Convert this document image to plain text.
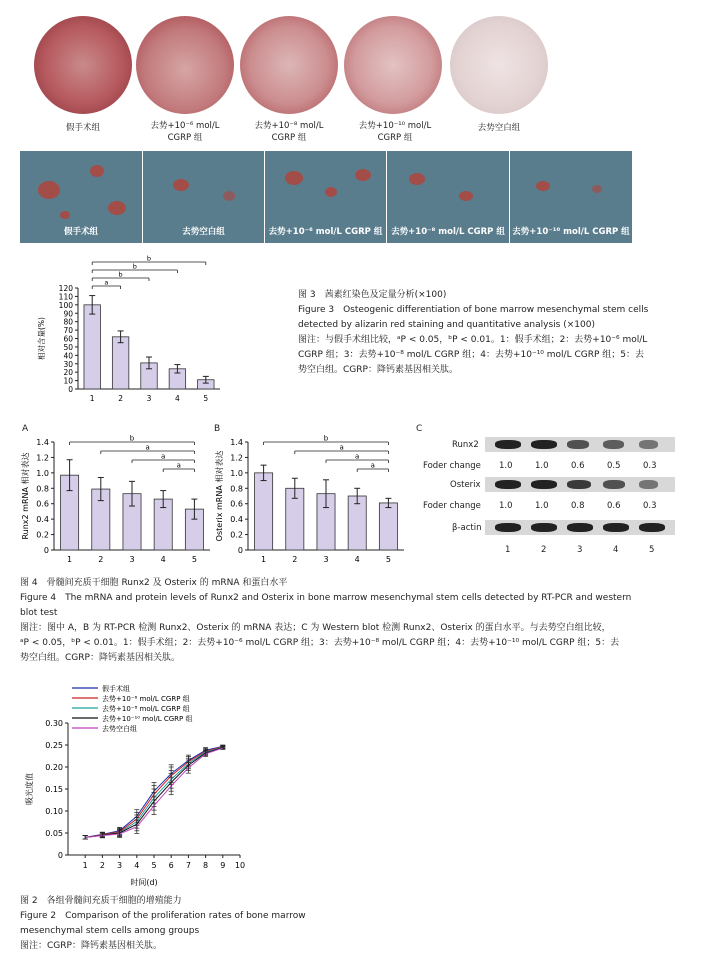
假手术组	去势+10⁻⁶ mol/L
CGRP 组
去势+10⁻⁸ mol/L
CGRP 组
去势+10⁻¹⁰ mol/L
CGRP 组
去势空白组
假手术组	去势空白组	去势+10⁻⁶ mol/L CGRP 组	去势+10⁻⁸ mol/L CGRP 组 去势+10⁻¹⁰ mol/L CGRP 组
0
10
20
30
40
50
60
70
80
90
100
110
120
相对含量(%)
1	2	3	4	5
a
b
b
b
图 3　茜素红染色及定量分析(×100)
Figure 3　Osteogenic differentiation of bone marrow mesenchymal stem cells
detected by alizarin red staining and quantitative analysis (×100)
图注：与假手术组比较，ᵃP < 0.05，ᵇP < 0.01。1：假手术组；2：去势+10⁻⁶ mol/L
CGRP 组；3：去势+10⁻⁸ mol/L CGRP 组；4：去势+10⁻¹⁰ mol/L CGRP 组；5：去
势空白组。CGRP：降钙素基因相关肽。
A	B	C
0
0.2
0.4
0.6
0.8
1.0
1.2
1.4
Runx2 mRNA 相对表达
1	2	3	4	5
b
a
a
a
0
0.2
0.4
0.6
0.8
1.0
1.2
1.4
Osterix mRNA 相对表达
1	2	3	4	5
b
a
a
a
Runx2
Foder change
Osterix
Foder change
β-actin
图 4　骨髓间充质干细胞 Runx2 及 Osterix 的 mRNA 和蛋白水平
Figure 4　The mRNA and protein levels of Runx2 and Osterix in bone marrow mesenchymal stem cells detected by RT-PCR and western
blot test
图注：图中 A，B 为 RT-PCR 检测 Runx2、Osterix 的 mRNA 表达；C 为 Western blot 检测 Runx2、Osterix 的蛋白水平。与去势空白组比较，
ᵃP < 0.05，ᵇP < 0.01。1：假手术组；2：去势+10⁻⁶ mol/L CGRP 组；3：去势+10⁻⁸ mol/L CGRP 组；4：去势+10⁻¹⁰ mol/L CGRP 组；5：去
势空白组。CGRP：降钙素基因相关肽。
0
0.05
0.10
0.15
0.20
0.25
0.30
1 2 3 4 5 6 7 8 9 10
时间(d)
吸光度值
假手术组
去势+10⁻⁶ mol/L CGRP 组
去势+10⁻⁸ mol/L CGRP 组
去势+10⁻¹⁰ mol/L CGRP 组
去势空白组
图 2　各组骨髓间充质干细胞的增殖能力
Figure 2　Comparison of the proliferation rates of bone marrow
mesenchymal stem cells among groups
图注：CGRP：降钙素基因相关肽。
1.0	1.0	0.6	0.5	0.3
1.0	1.0	0.8	0.6	0.3
1	2	3	4	5
